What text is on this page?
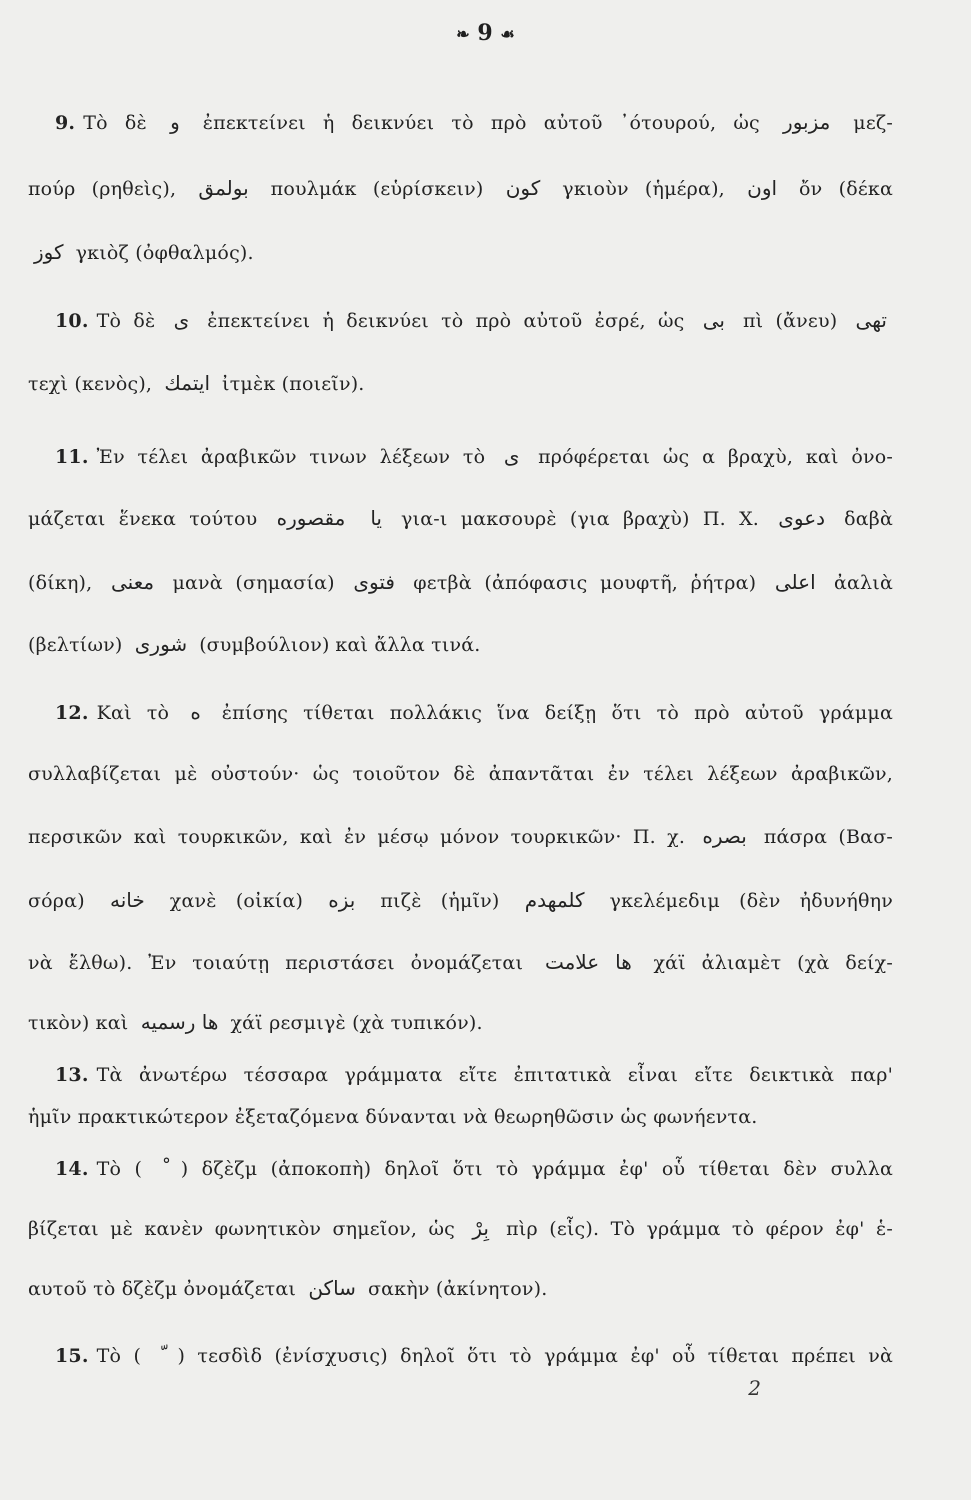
❧ 9 ☙
9. Τὸ δὲ و ἐπεκτείνει ἡ δεικνύει τὸ πρὸ αὐτοῦ ᾿ότουρού, ὡς مزبور μεζ-
πούρ (ρηθεὶς), بولمق πουλμάκ (εὑρίσκειν) كون γκιοὺν (ἡμέρα), اون ὄν (δέκα
كوز γκιὸζ (ὀφθαλμός).
10. Τὸ δὲ ى ἐπεκτείνει ἡ δεικνύει τὸ πρὸ αὐτοῦ ἐσρέ, ὡς بى πὶ (ἄνευ) تهى
τεχὶ (κενὸς), ايتمك ἰτμὲκ (ποιεῖν).
11. Ἐν τέλει ἀραβικῶν τινων λέξεων τὸ ى πρόφέρεται ὡς α βραχὺ, καὶ ὀνο-
μάζεται ἕνεκα τούτου مقصوره يا για-ι μακσουρὲ (για βραχὺ) Π. Χ. دعوى δαβὰ
(δίκη), معنى μανὰ (σημασία) فتوى φετβὰ (ἀπόφασις μουφτῆ, ῥήτρα) اعلى ἀαλιὰ
(βελτίων) شورى (συμβούλιον) καὶ ἄλλα τινά.
12. Καὶ τὸ ه ἐπίσης τίθεται πολλάκις ἵνα δείξῃ ὅτι τὸ πρὸ αὐτοῦ γράμμα
συλλαβίζεται μὲ οὐστούν· ὡς τοιοῦτον δὲ ἀπαντᾶται ἐν τέλει λέξεων ἀραβικῶν,
περσικῶν καὶ τουρκικῶν, καὶ ἐν μέσῳ μόνον τουρκικῶν· Π. χ. بصره πάσρα (Βασ-
σόρα) خانه χανὲ (οἰκία) بزه πιζὲ (ἡμῖν) كلمهدم γκελέμεδιμ (δὲν ἠδυνήθην
νὰ ἔλθω). Ἐν τοιαύτῃ περιστάσει ὀνομάζεται ها علامت χάϊ ἀλιαμὲτ (χὰ δείχ-
τικὸν) καὶ ها رسميه χάϊ ρεσμιγὲ (χὰ τυπικόν).
13. Τὰ ἀνωτέρω τέσσαρα γράμματα εἴτε ἐπιτατικὰ εἶναι εἴτε δεικτικὰ παρ'
ἡμῖν πρακτικώτερον ἐξεταζόμενα δύνανται νὰ θεωρηθῶσιν ὡς φωνήεντα.
14. Τὸ ( ) δζὲζμ (ἀποκοπὴ) δηλοῖ ὅτι τὸ γράμμα ἐφ' οὗ τίθεται δὲν συλλα
βίζεται μὲ κανὲν φωνητικὸν σημεῖον, ὡς بِرْ πὶρ (εἷς). Τὸ γράμμα τὸ φέρον ἐφ' ἑ-
αυτοῦ τὸ δζὲζμ ὀνομάζεται ساكن σακὴν (ἀκίνητον).
15. Τὸ ( ) τεσδὶδ (ἐνίσχυσις) δηλοῖ ὅτι τὸ γράμμα ἐφ' οὗ τίθεται πρέπει νὰ
2
